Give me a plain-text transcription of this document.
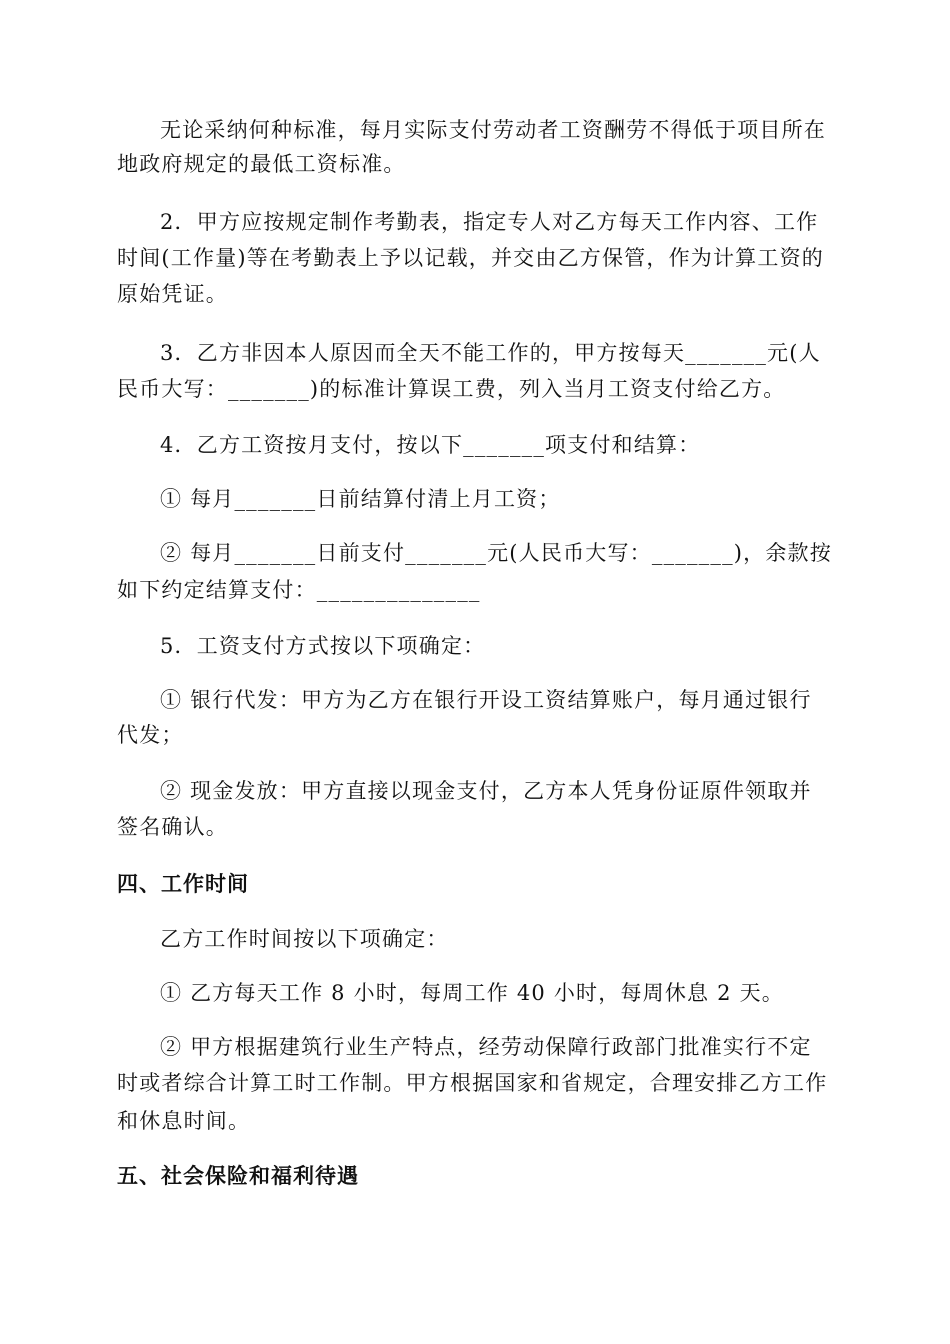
无论采纳何种标准，每月实际支付劳动者工资酬劳不得低于项目所在
地政府规定的最低工资标准。
2．甲方应按规定制作考勤表，指定专人对乙方每天工作内容、工作
时间(工作量)等在考勤表上予以记载，并交由乙方保管，作为计算工资的
原始凭证。
3．乙方非因本人原因而全天不能工作的，甲方按每天_______元(人
民币大写：_______)的标准计算误工费，列入当月工资支付给乙方。
4．乙方工资按月支付，按以下_______项支付和结算：
① 每月_______日前结算付清上月工资；
② 每月_______日前支付_______元(人民币大写：_______)，余款按
如下约定结算支付：______________
5．工资支付方式按以下项确定：
① 银行代发：甲方为乙方在银行开设工资结算账户，每月通过银行
代发；
② 现金发放：甲方直接以现金支付，乙方本人凭身份证原件领取并
签名确认。
四、工作时间
乙方工作时间按以下项确定：
① 乙方每天工作 8 小时，每周工作 40 小时，每周休息 2 天。
② 甲方根据建筑行业生产特点，经劳动保障行政部门批准实行不定
时或者综合计算工时工作制。甲方根据国家和省规定，合理安排乙方工作
和休息时间。
五、社会保险和福利待遇
